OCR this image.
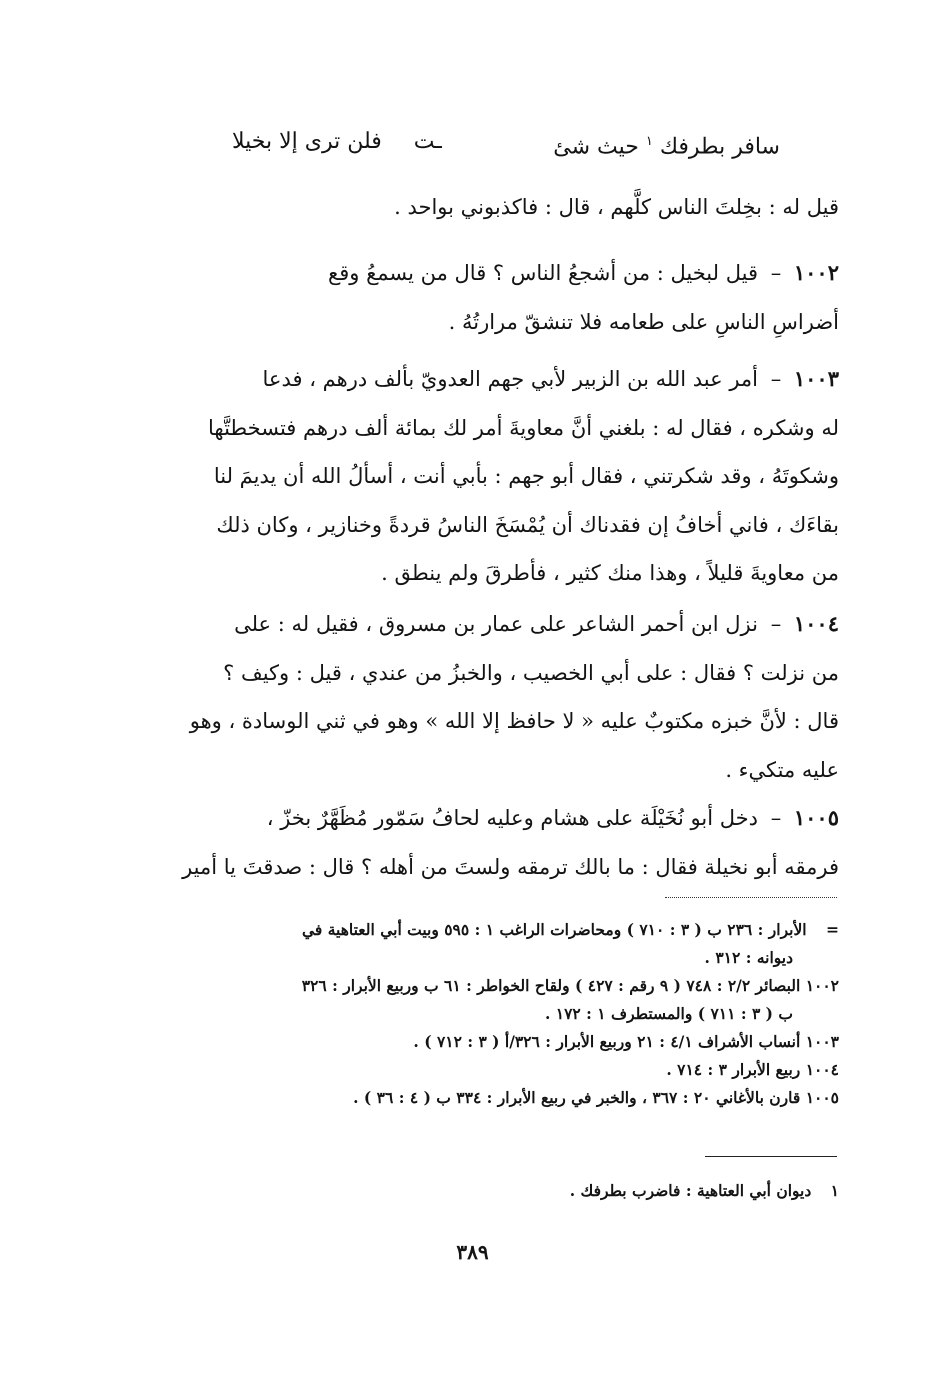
سافر بطرفك $^١$ حيث شئ
ـت  فلن ترى إلا بخيلا
قيل له : بخِلتَ الناس كلَّهم ، قال : فاكذبوني بواحد .
١٠٠٢ – قيل لبخيل : من أشجعُ الناس ؟ قال من يسمعُ وقع
أضراسِ الناسِ على طعامه فلا تنشقّ مرارتُهُ .
١٠٠٣ – أمر عبد الله بن الزبير لأبي جهم العدويّ بألف درهم ، فدعا
له وشكره ، فقال له : بلغني أنَّ معاويةَ أمر لك بمائة ألف درهم فتسخطتَّها
وشكوتَهُ ، وقد شكرتني ، فقال أبو جهم : بأبي أنت ، أسألُ الله أن يديمَ لنا
بقاءَك ، فاني أخافُ إن فقدناك أن يُمْسَخَ الناسُ قردةً وخنازير ، وكان ذلك
من معاويةَ قليلاً ، وهذا منك كثير ، فأطرقَ ولم ينطق .
١٠٠٤ – نزل ابن أحمر الشاعر على عمار بن مسروق ، فقيل له : على
من نزلت ؟ فقال : على أبي الخصيب ، والخبزُ من عندي ، قيل : وكيف ؟
قال : لأنَّ خبزه مكتوبٌ عليه « لا حافظ إلا الله » وهو في ثني الوسادة ، وهو
عليه متكيء .
١٠٠٥ – دخل أبو نُخَيْلَة على هشام وعليه لحافُ سَمّور مُظَهَّرٌ بخزّ ،
فرمقه أبو نخيلة فقال : ما بالك ترمقه ولستَ من أهله ؟ قال : صدقتَ يا أمير
= الأبرار : ٢٣٦ ب ( ٣ : ٧١٠ ) ومحاضرات الراغب ١ : ٥٩٥ وبيت أبي العتاهية في
ديوانه : ٣١٢ .
١٠٠٢ البصائر ٢/٢ : ٧٤٨ ( ٩ رقم : ٤٢٧ ) ولقاح الخواطر : ٦١ ب وربيع الأبرار : ٣٢٦
ب ( ٣ : ٧١١ ) والمستطرف ١ : ١٧٢ .
١٠٠٣ أنساب الأشراف ٤/١ : ٢١ وربيع الأبرار : ٣٢٦/أ ( ٣ : ٧١٢ ) .
١٠٠٤ ربيع الأبرار ٣ : ٧١٤ .
١٠٠٥ قارن بالأغاني ٢٠ : ٣٦٧ ، والخبر في ربيع الأبرار : ٣٣٤ ب ( ٤ : ٣٦ ) .
١ ديوان أبي العتاهية : فاضرب بطرفك .
٣٨٩
